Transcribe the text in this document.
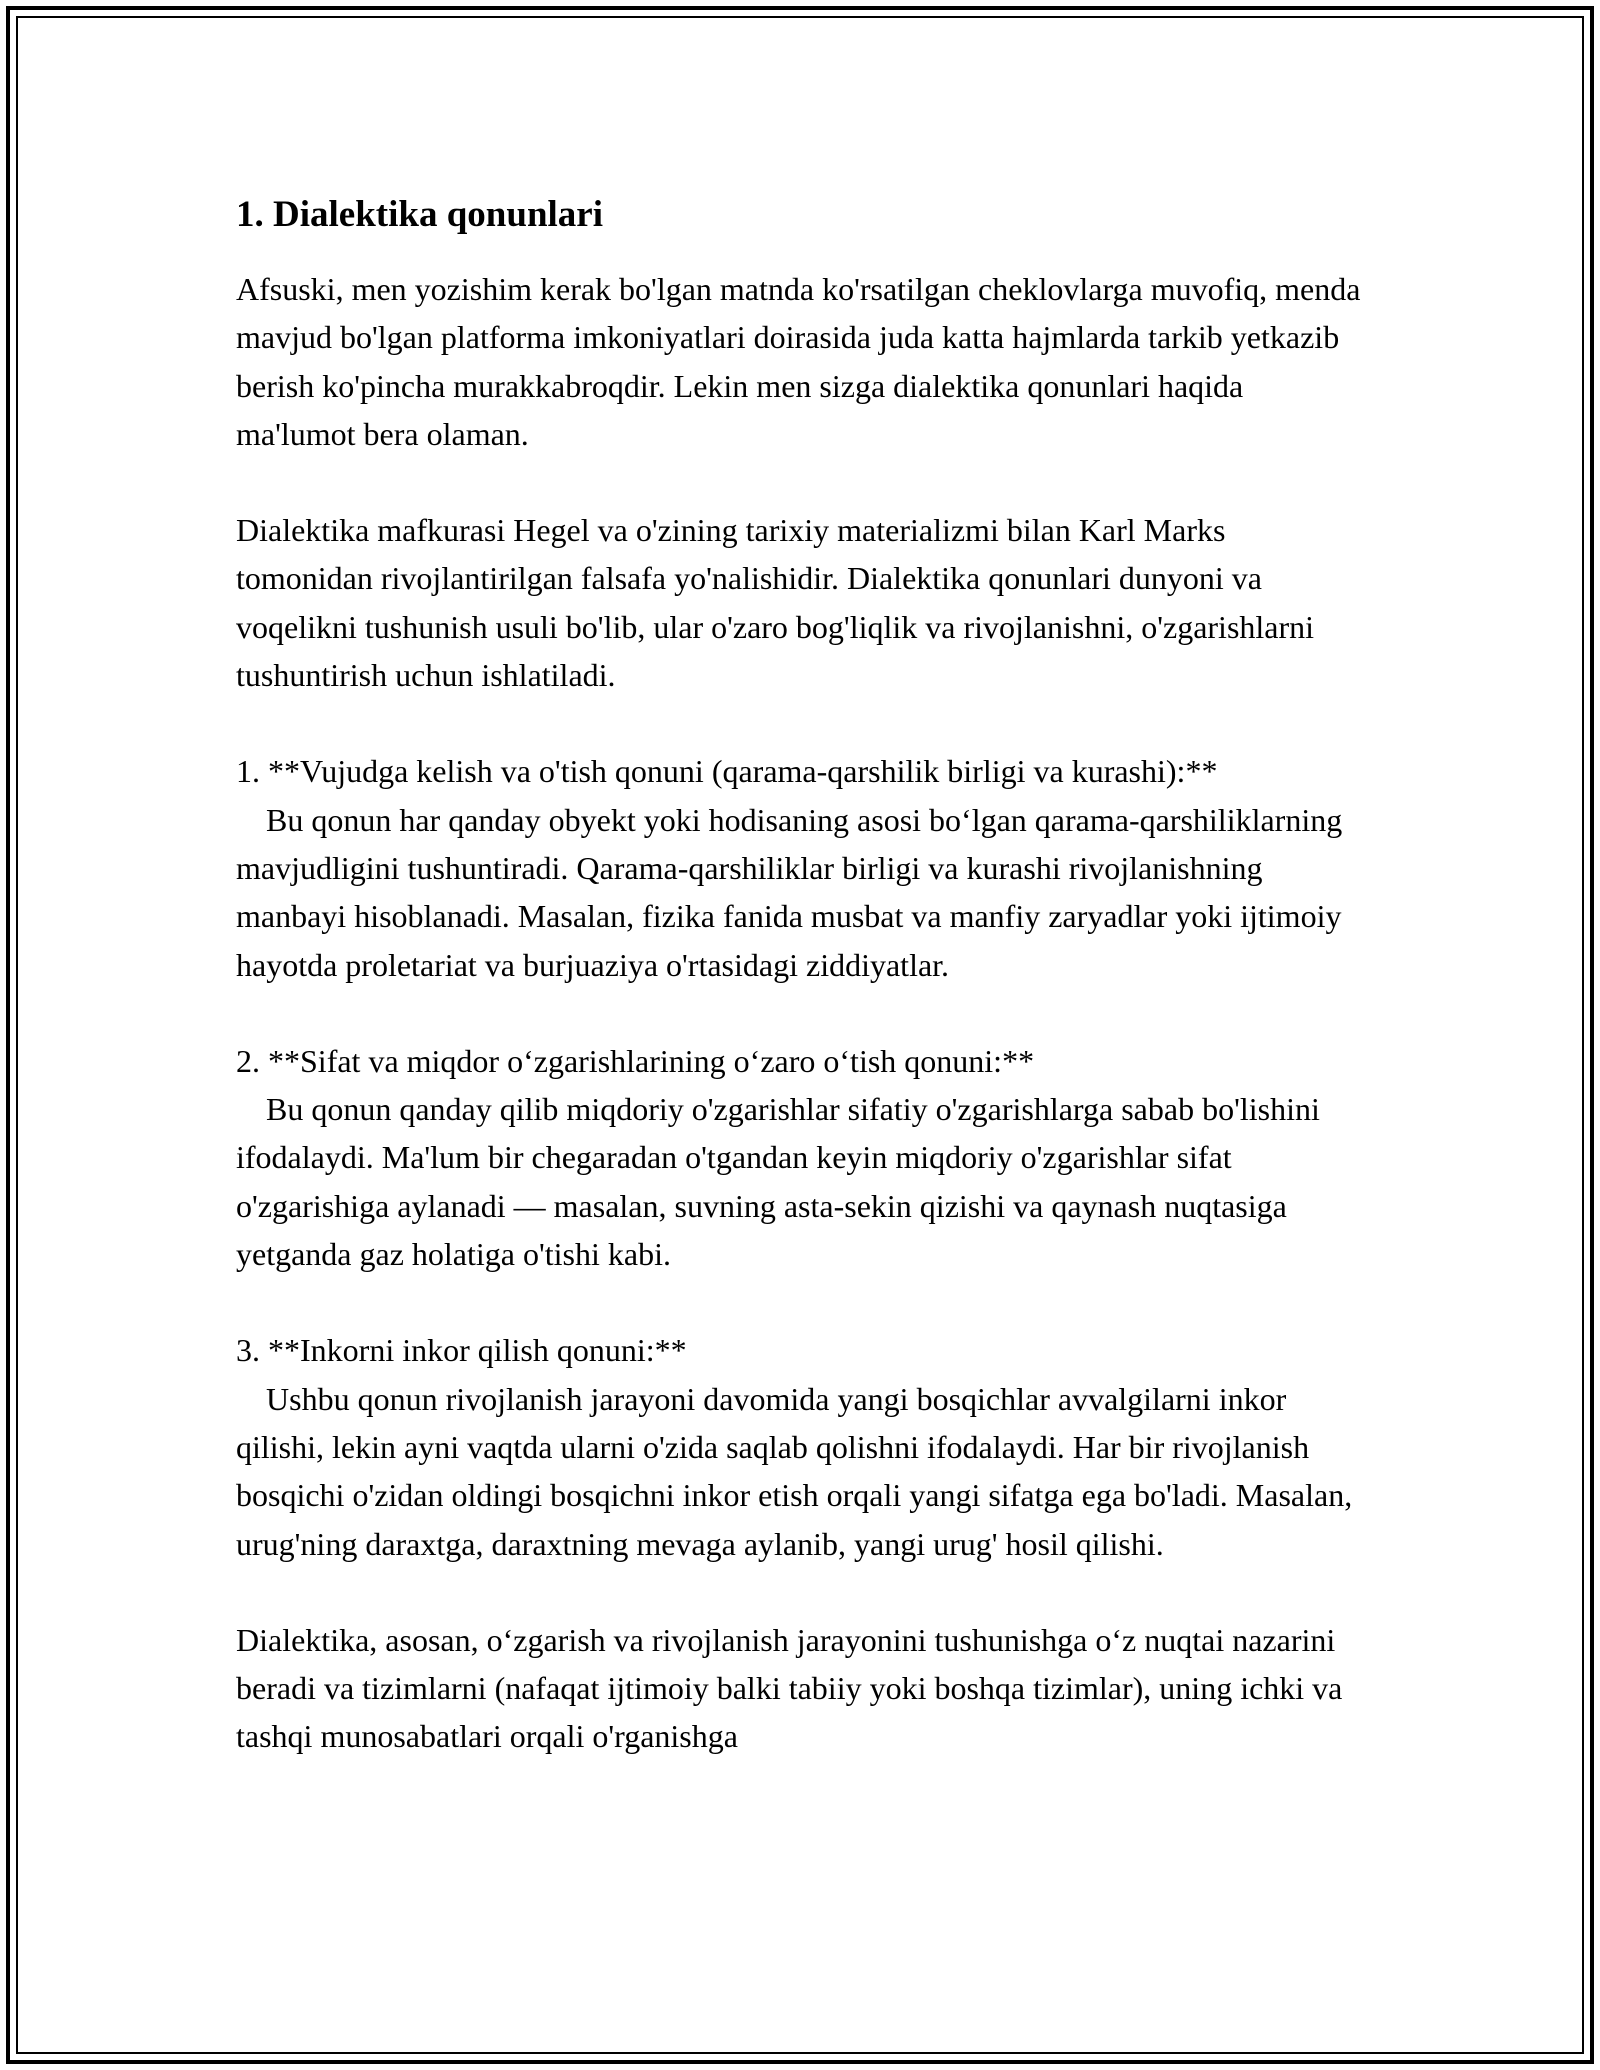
1. Dialektika qonunlari

Afsuski, men yozishim kerak bo'lgan matnda ko'rsatilgan cheklovlarga muvofiq, menda mavjud bo'lgan platforma imkoniyatlari doirasida juda katta hajmlarda tarkib yetkazib berish ko'pincha murakkabroqdir. Lekin men sizga dialektika qonunlari haqida ma'lumot bera olaman.

Dialektika mafkurasi Hegel va o'zining tarixiy materializmi bilan Karl Marks tomonidan rivojlantirilgan falsafa yo'nalishidir. Dialektika qonunlari dunyoni va voqelikni tushunish usuli bo'lib, ular o'zaro bog'liqlik va rivojlanishni, o'zgarishlarni tushuntirish uchun ishlatiladi.

1. **Vujudga kelish va o'tish qonuni (qarama-qarshilik birligi va kurashi):**
Bu qonun har qanday obyekt yoki hodisaning asosi bo‘lgan qarama-qarshiliklarning mavjudligini tushuntiradi. Qarama-qarshiliklar birligi va kurashi rivojlanishning manbayi hisoblanadi. Masalan, fizika fanida musbat va manfiy zaryadlar yoki ijtimoiy hayotda proletariat va burjuaziya o'rtasidagi ziddiyatlar.
2. **Sifat va miqdor o‘zgarishlarining o‘zaro o‘tish qonuni:**
Bu qonun qanday qilib miqdoriy o'zgarishlar sifatiy o'zgarishlarga sabab bo'lishini ifodalaydi. Ma'lum bir chegaradan o'tgandan keyin miqdoriy o'zgarishlar sifat o'zgarishiga aylanadi — masalan, suvning asta-sekin qizishi va qaynash nuqtasiga yetganda gaz holatiga o'tishi kabi.
3. **Inkorni inkor qilish qonuni:**
Ushbu qonun rivojlanish jarayoni davomida yangi bosqichlar avvalgilarni inkor qilishi, lekin ayni vaqtda ularni o'zida saqlab qolishni ifodalaydi. Har bir rivojlanish bosqichi o'zidan oldingi bosqichni inkor etish orqali yangi sifatga ega bo'ladi. Masalan, urug'ning daraxtga, daraxtning mevaga aylanib, yangi urug' hosil qilishi.

Dialektika, asosan, o‘zgarish va rivojlanish jarayonini tushunishga o‘z nuqtai nazarini beradi va tizimlarni (nafaqat ijtimoiy balki tabiiy yoki boshqa tizimlar), uning ichki va tashqi munosabatlari orqali o'rganishga
